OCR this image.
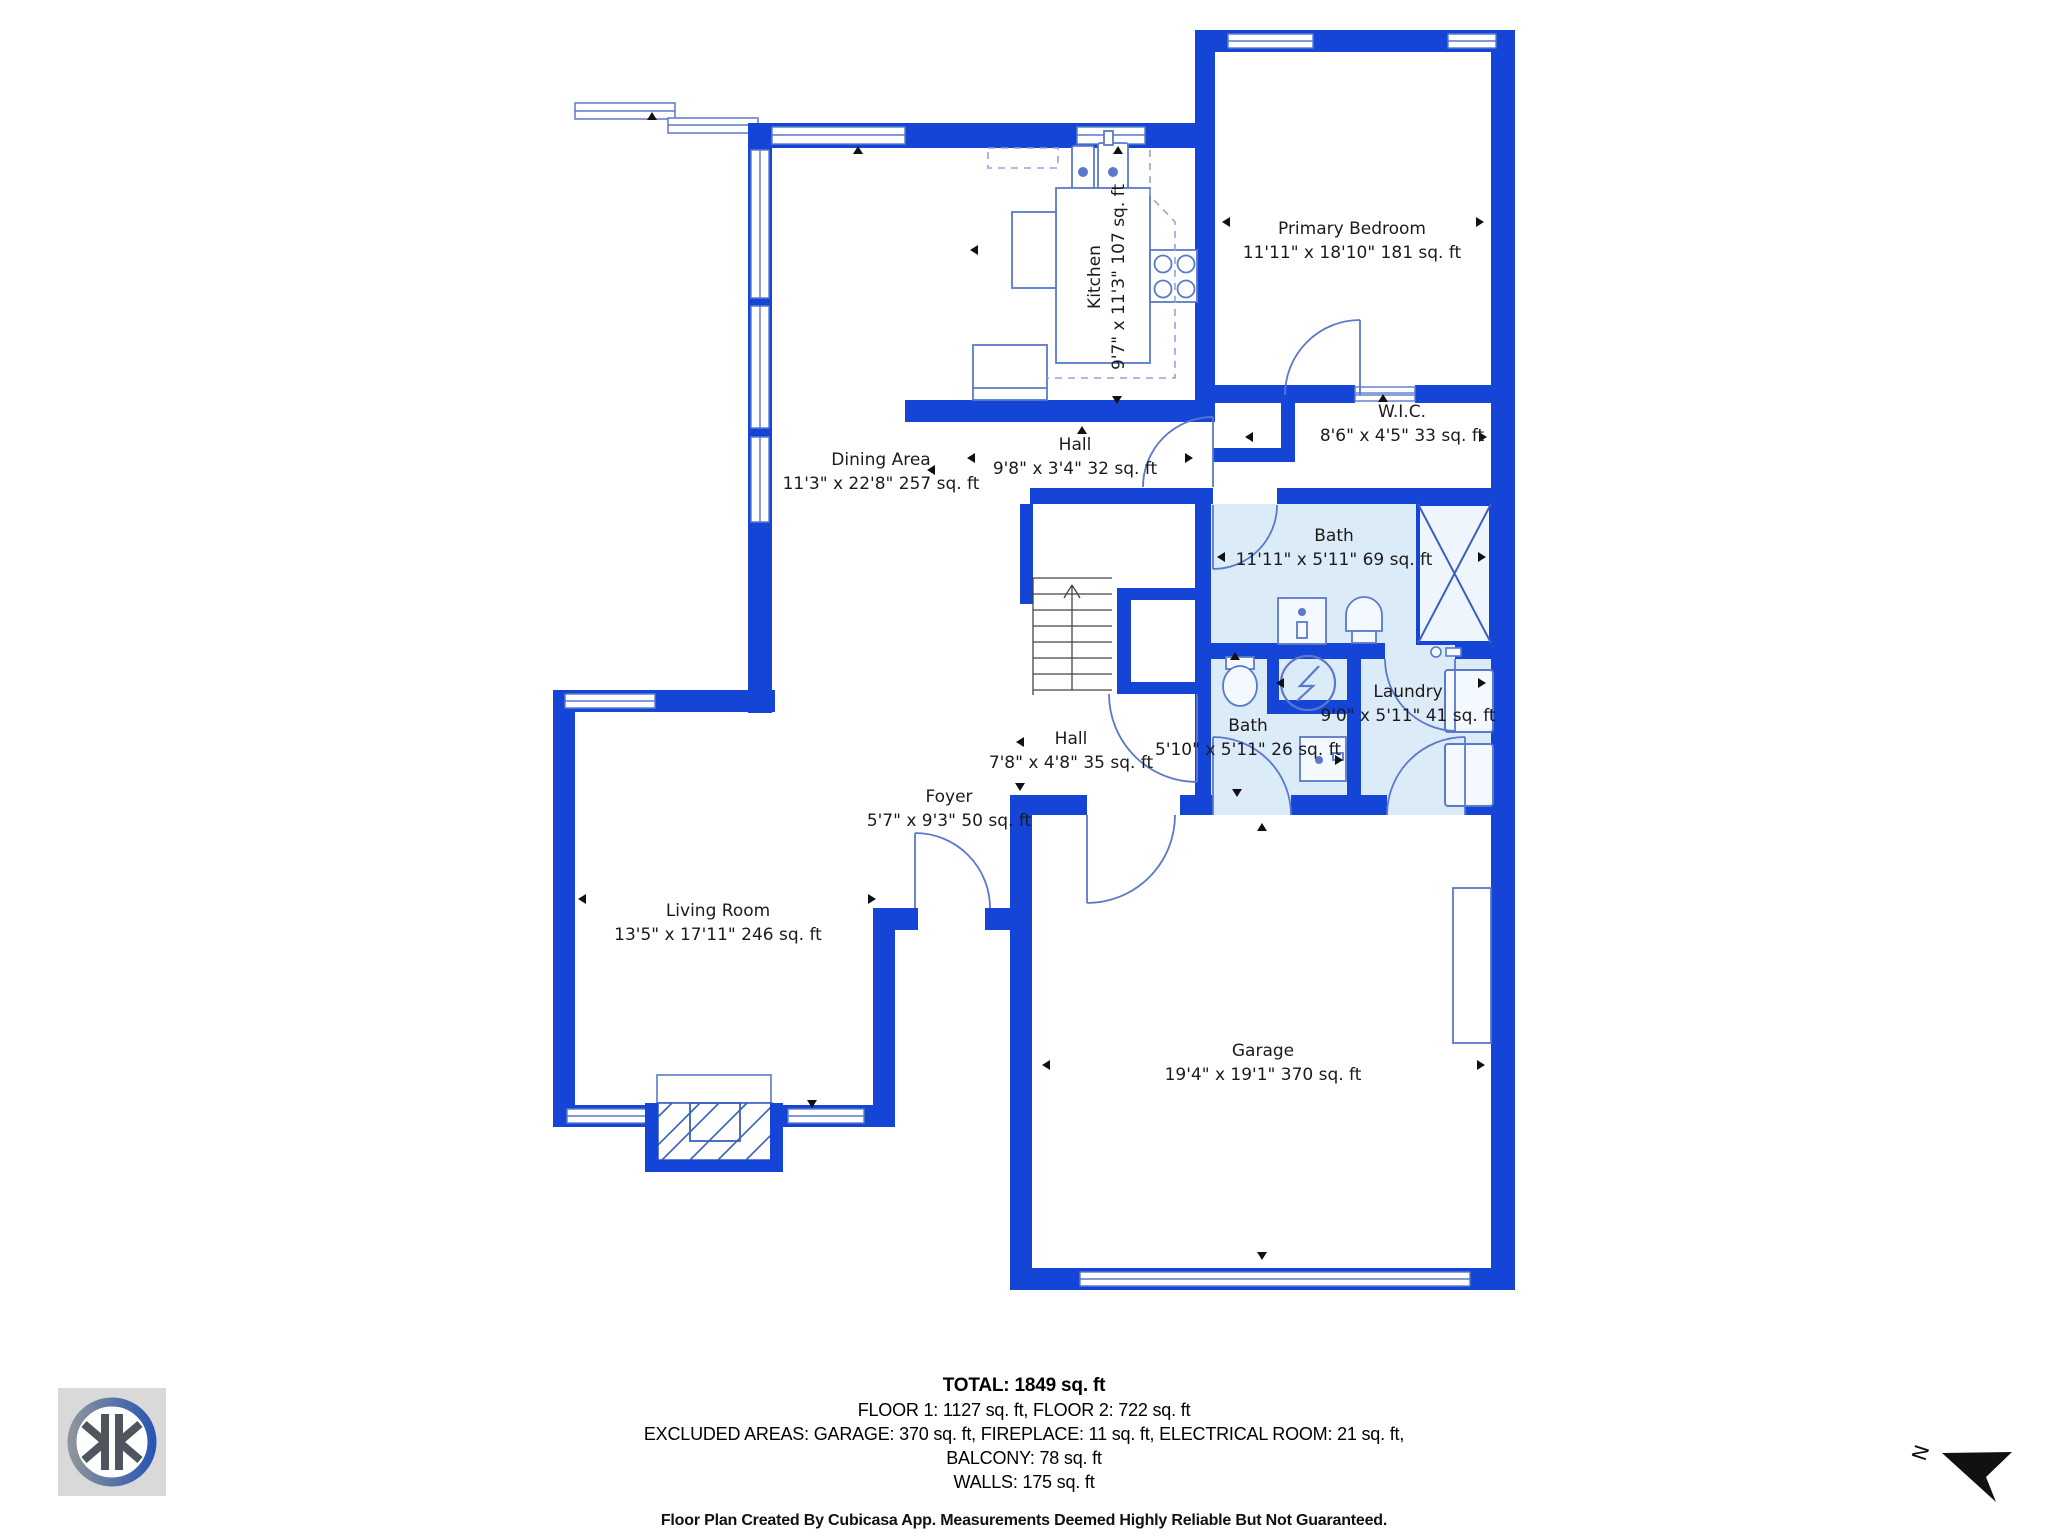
N
Dining Area
11'3" x 22'8" 257 sq. ft
Kitchen 9'7" x 11'3" 107 sq. ft
Hall
9'8" x 3'4" 32 sq. ft
Primary Bedroom
11'11" x 18'10" 181 sq. ft
W.I.C.
8'6" x 4'5" 33 sq. ft
Bath
11'11" x 5'11" 69 sq. ft
Laundry
9'0" x 5'11" 41 sq. ft
Hall
7'8" x 4'8" 35 sq. ft
Bath
5'10" x 5'11" 26 sq. ft
Foyer
5'7" x 9'3" 50 sq. ft
Living Room
13'5" x 17'11" 246 sq. ft
Garage
19'4" x 19'1" 370 sq. ft
TOTAL: 1849 sq. ft
FLOOR 1: 1127 sq. ft, FLOOR 2: 722 sq. ft
EXCLUDED AREAS: GARAGE: 370 sq. ft, FIREPLACE: 11 sq. ft, ELECTRICAL ROOM: 21 sq. ft,
BALCONY: 78 sq. ft
WALLS: 175 sq. ft
Floor Plan Created By Cubicasa App. Measurements Deemed Highly Reliable But Not Guaranteed.
